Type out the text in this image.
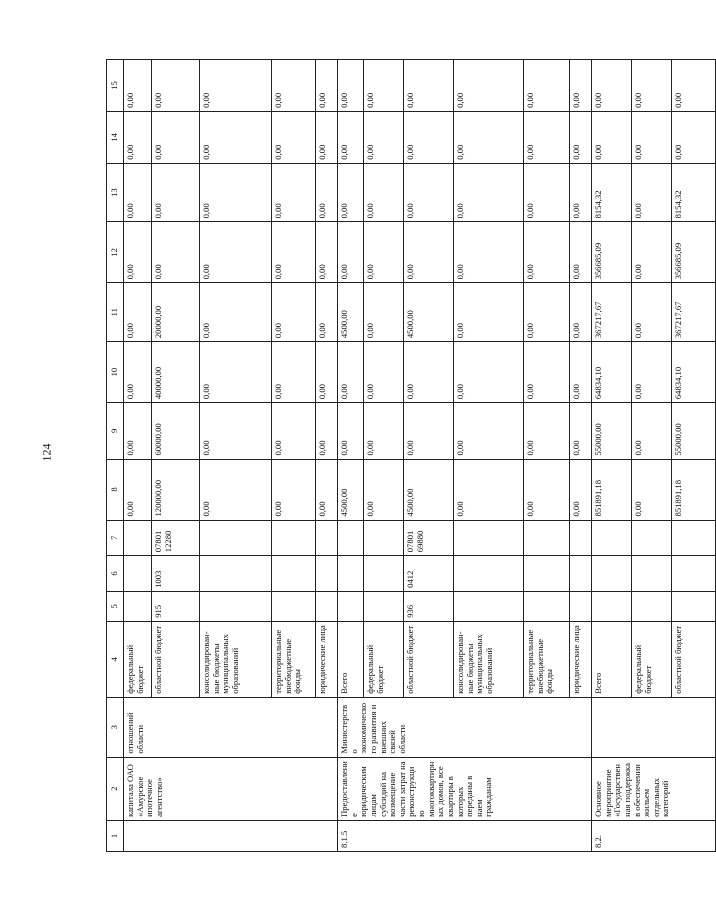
124
1	2	3	4	5	6	7	8	9	10	11	12	13	14	15
	капитала ОАО «Амурское ипотечное агентство»	отношений области	федеральный бюджет				0,00	0,00	0,00	0,00	0,00	0,00	0,00	0,00
			областной бюджет	915	1003	07801 12280	120000,00	60000,00	40000,00	20000,00	0,00	0,00	0,00	0,00
			консолидирован-ные бюджеты муниципальных образований				0,00	0,00	0,00	0,00	0,00	0,00	0,00	0,00
			территориальные внебюджетные фонды				0,00	0,00	0,00	0,00	0,00	0,00	0,00	0,00
			юридические лица				0,00	0,00	0,00	0,00	0,00	0,00	0,00	0,00
8.1.5	Предоставление юридическим лицам субсидий на возмещение части затрат на реконструкцию многоквартирных домов, все квартиры в которых переданы в наем гражданам	Министерство экономического развития и внешних связей области	Всего				4500,00	0,00	0,00	4500,00	0,00	0,00	0,00	0,00
			федеральный бюджет				0,00	0,00	0,00	0,00	0,00	0,00	0,00	0,00
			областной бюджет	936	0412	07801 69880	4500,00	0,00	0,00	4500,00	0,00	0,00	0,00	0,00
			консолидирован-ные бюджеты муниципальных образований				0,00	0,00	0,00	0,00	0,00	0,00	0,00	0,00
			территориальные внебюджетные фонды				0,00	0,00	0,00	0,00	0,00	0,00	0,00	0,00
			юридические лица				0,00	0,00	0,00	0,00	0,00	0,00	0,00	0,00
8.2.	Основное мероприятие «Государственная поддержка в обеспечении жильем отдельных категорий		Всего				851891,18	55000,00	64834,10	367217,67	356685,09	8154,32	0,00	0,00
			федеральный бюджет				0,00	0,00	0,00	0,00	0,00	0,00	0,00	0,00
			областной бюджет				851891,18	55000,00	64834,10	367217,67	356685,09	8154,32	0,00	0,00
